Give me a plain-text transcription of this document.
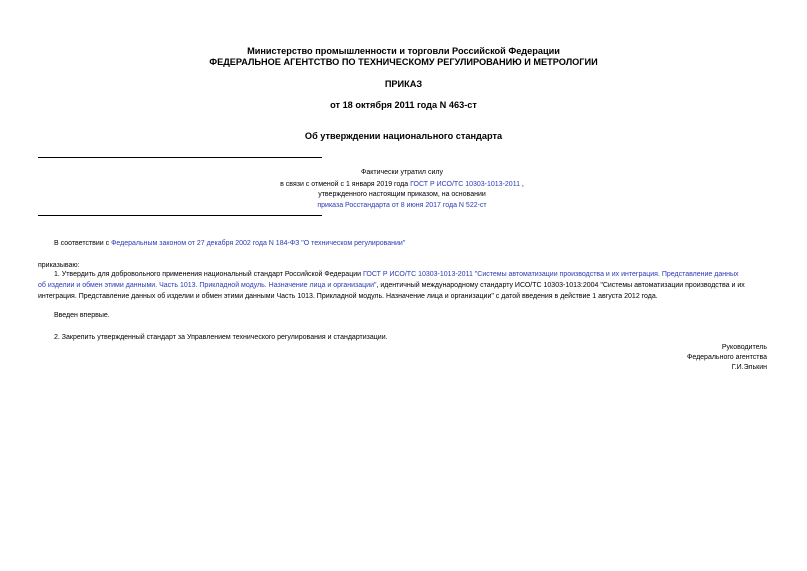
Министерство промышленности и торговли Российской Федерации
ФЕДЕРАЛЬНОЕ АГЕНТСТВО ПО ТЕХНИЧЕСКОМУ РЕГУЛИРОВАНИЮ И МЕТРОЛОГИИ
ПРИКАЗ
от 18 октября 2011 года N 463-ст
Об утверждении национального стандарта
Фактически утратил силу
в связи с отменой с 1 января 2019 года ГОСТ Р ИСО/ТС 10303-1013-2011 ,
утвержденного настоящим приказом, на основании
приказа Росстандарта от 8 июня 2017 года N 522-ст
В соответствии с Федеральным законом от 27 декабря 2002 года N 184-ФЗ "О техническом регулировании"
приказываю:
1. Утвердить для добровольного применения национальный стандарт Российской Федерации ГОСТ Р ИСО/ТС 10303-1013-2011 "Системы автоматизации производства и их интеграция. Представление данных
об изделии и обмен этими данными. Часть 1013. Прикладной модуль. Назначение лица и организации", идентичный международному стандарту ИСО/ТС 10303-1013:2004 "Системы автоматизации производства и их
интеграция. Представление данных об изделии и обмен этими данными Часть 1013. Прикладной модуль. Назначение лица и организации" с датой введения в действие 1 августа 2012 года.
Введен впервые.
2. Закрепить утвержденный стандарт за Управлением технического регулирования и стандартизации.
Руководитель
Федерального агентства
Г.И.Элькин
